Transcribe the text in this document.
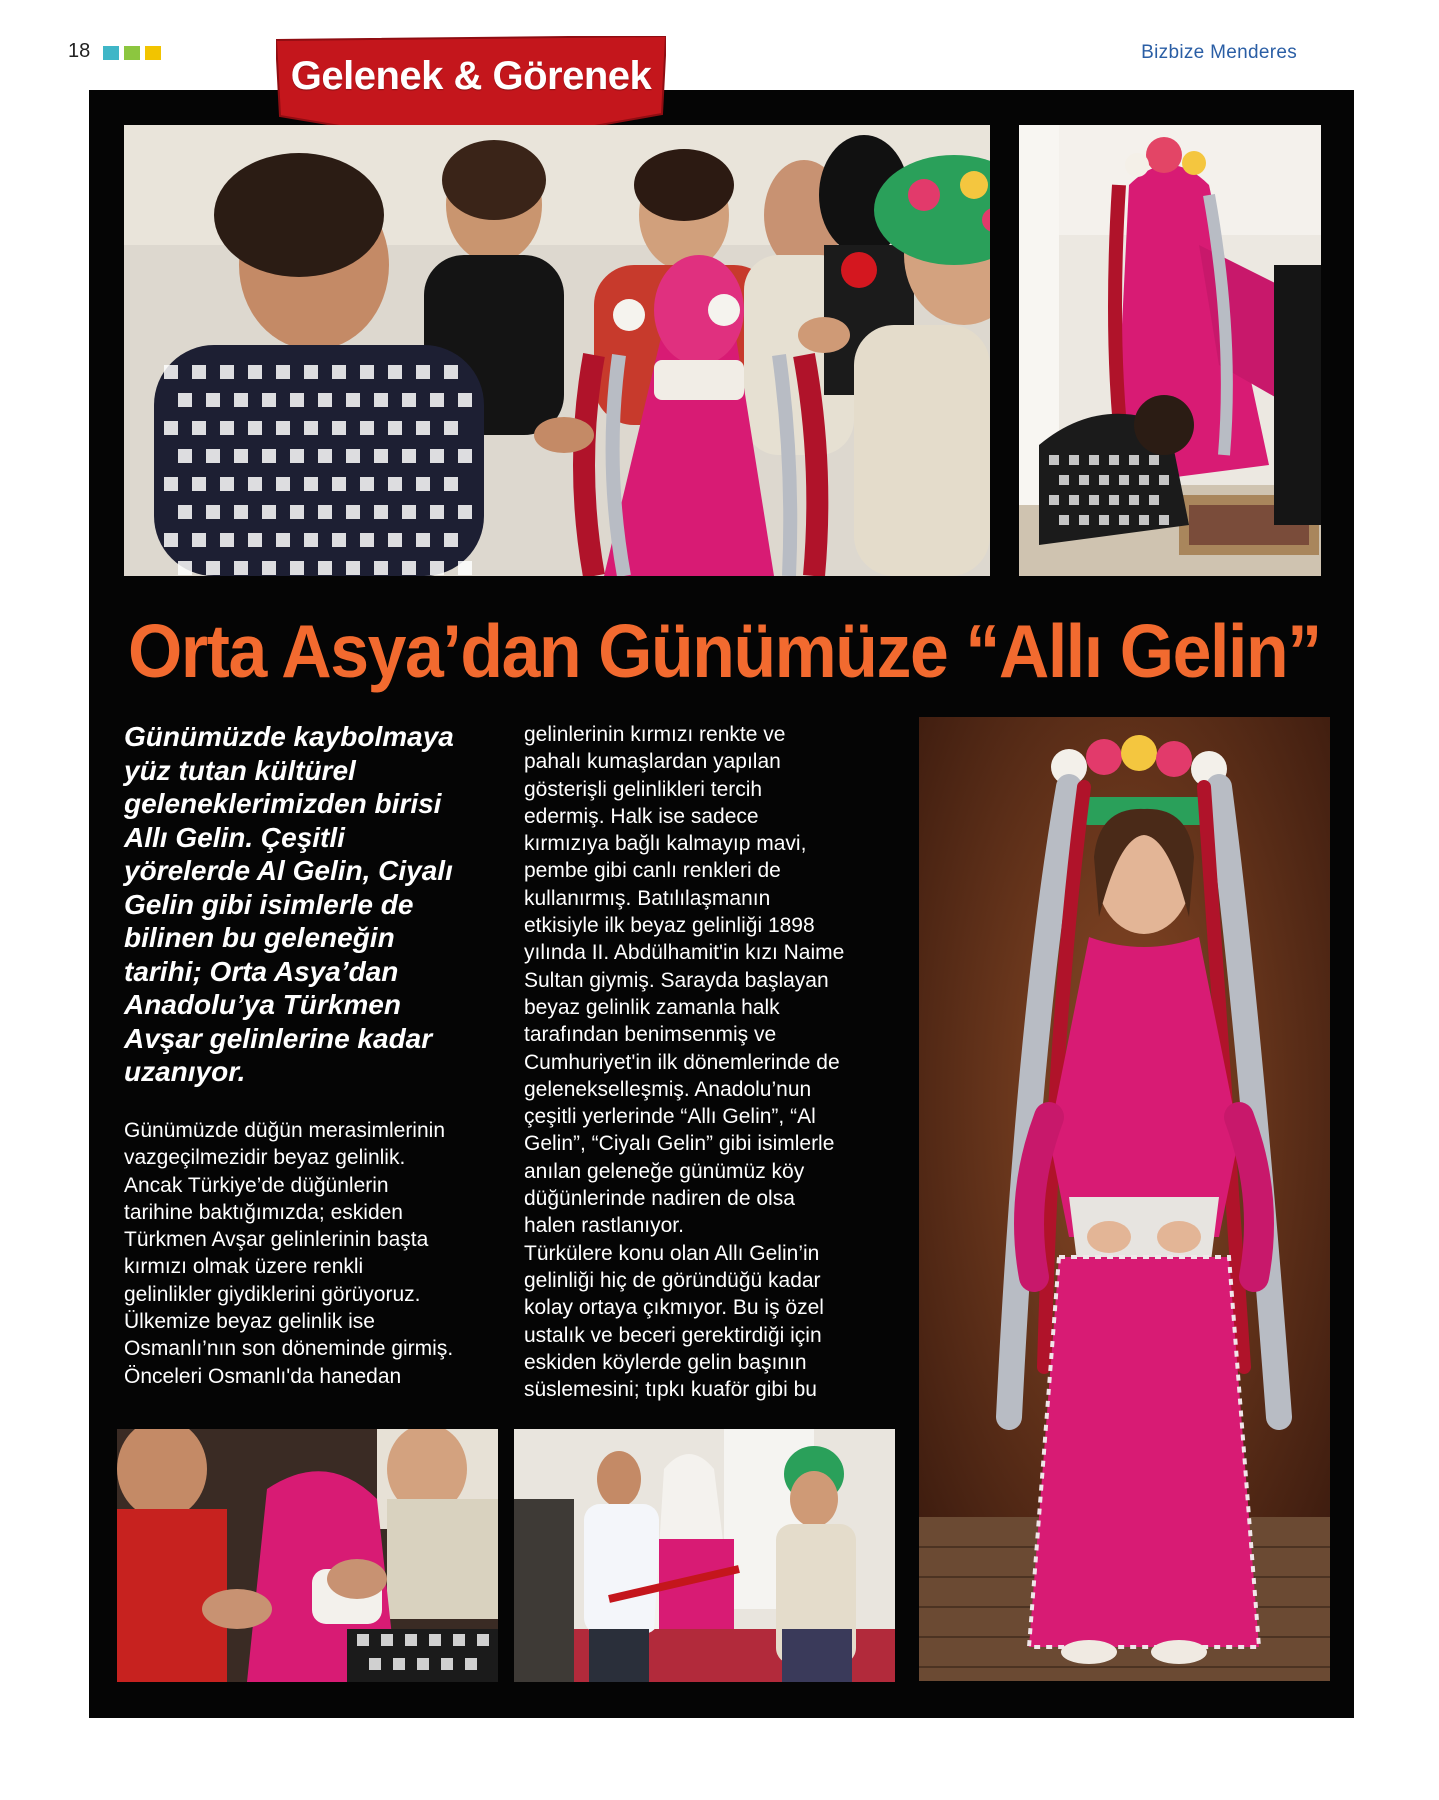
18	Bizbize Menderes
Gelenek & Görenek
Orta Asya’dan Günümüze “Allı Gelin”

Günümüzde kaybolmaya
yüz tutan kültürel
geleneklerimizden birisi
Allı Gelin. Çeşitli
yörelerde Al Gelin, Ciyalı
Gelin gibi isimlerle de
bilinen bu geleneğin
tarihi; Orta Asya’dan
Anadolu’ya Türkmen
Avşar gelinlerine kadar
uzanıyor.

Günümüzde düğün merasimlerinin
vazgeçilmezidir beyaz gelinlik.
Ancak Türkiye’de düğünlerin
tarihine baktığımızda; eskiden
Türkmen Avşar gelinlerinin başta
kırmızı olmak üzere renkli
gelinlikler giydiklerini görüyoruz.
Ülkemize beyaz gelinlik ise
Osmanlı’nın son döneminde girmiş.
Önceleri Osmanlı'da hanedan

gelinlerinin kırmızı renkte ve
pahalı kumaşlardan yapılan
gösterişli gelinlikleri tercih
edermiş. Halk ise sadece
kırmızıya bağlı kalmayıp mavi,
pembe gibi canlı renkleri de
kullanırmış. Batılılaşmanın
etkisiyle ilk beyaz gelinliği 1898
yılında II. Abdülhamit'in kızı Naime
Sultan giymiş. Sarayda başlayan
beyaz gelinlik zamanla halk
tarafından benimsenmiş ve
Cumhuriyet'in ilk dönemlerinde de
gelenekselleşmiş. Anadolu’nun
çeşitli yerlerinde “Allı Gelin”, “Al
Gelin”, “Ciyalı Gelin” gibi isimlerle
anılan geleneğe günümüz köy
düğünlerinde nadiren de olsa
halen rastlanıyor.
Türkülere konu olan Allı Gelin’in
gelinliği hiç de göründüğü kadar
kolay ortaya çıkmıyor. Bu iş özel
ustalık ve beceri gerektirdiği için
eskiden köylerde gelin başının
süslemesini; tıpkı kuaför gibi bu
